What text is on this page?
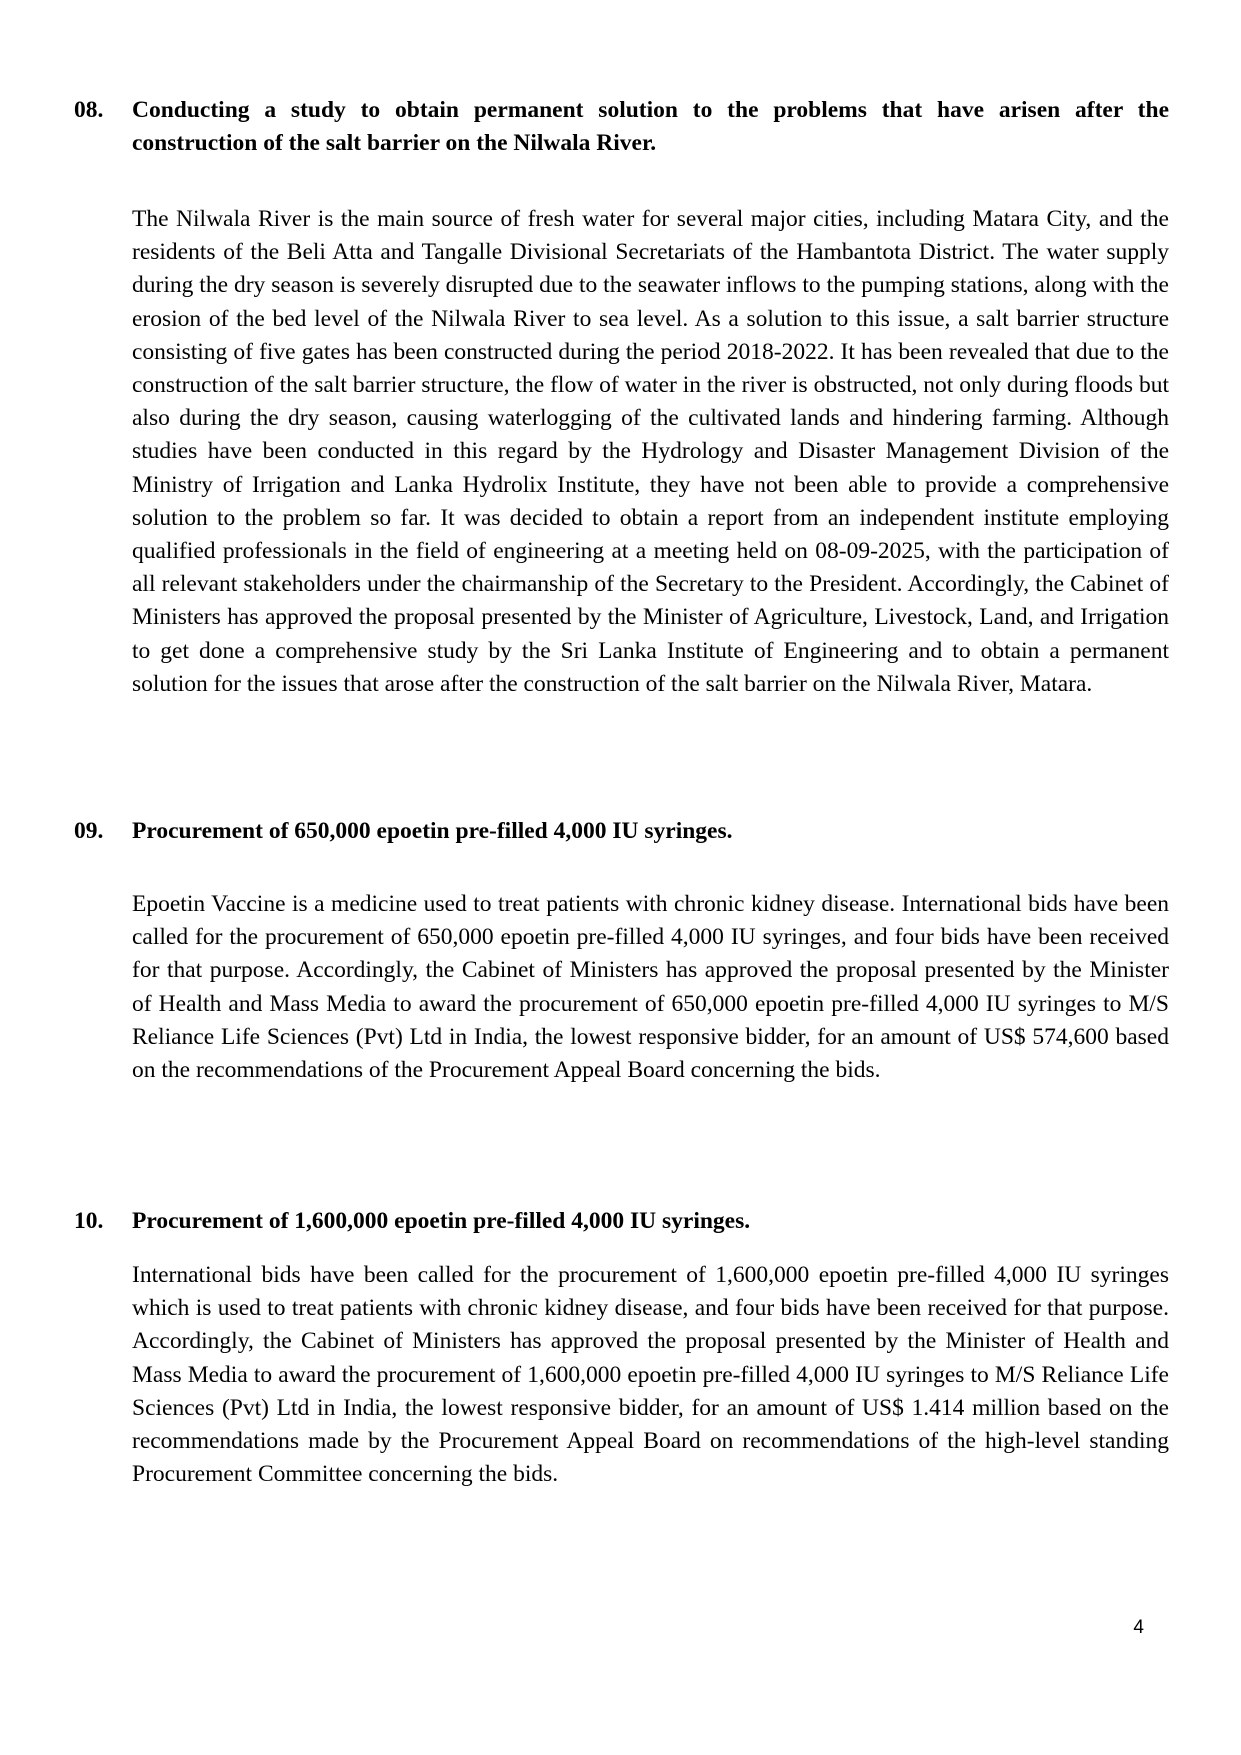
08.	Conducting a study to obtain permanent solution to the problems that have arisen after the construction of the salt barrier on the Nilwala River.

The Nilwala River is the main source of fresh water for several major cities, including Matara City, and the residents of the Beli Atta and Tangalle Divisional Secretariats of the Hambantota District. The water supply during the dry season is severely disrupted due to the seawater inflows to the pumping stations, along with the erosion of the bed level of the Nilwala River to sea level. As a solution to this issue, a salt barrier structure consisting of five gates has been constructed during the period 2018-2022. It has been revealed that due to the construction of the salt barrier structure, the flow of water in the river is obstructed, not only during floods but also during the dry season, causing waterlogging of the cultivated lands and hindering farming. Although studies have been conducted in this regard by the Hydrology and Disaster Management Division of the Ministry of Irrigation and Lanka Hydrolix Institute, they have not been able to provide a comprehensive solution to the problem so far. It was decided to obtain a report from an independent institute employing qualified professionals in the field of engineering at a meeting held on 08-09-2025, with the participation of all relevant stakeholders under the chairmanship of the Secretary to the President. Accordingly, the Cabinet of Ministers has approved the proposal presented by the Minister of Agriculture, Livestock, Land, and Irrigation to get done a comprehensive study by the Sri Lanka Institute of Engineering and to obtain a permanent solution for the issues that arose after the construction of the salt barrier on the Nilwala River, Matara.

09.	Procurement of 650,000 epoetin pre-filled 4,000 IU syringes.

Epoetin Vaccine is a medicine used to treat patients with chronic kidney disease. International bids have been called for the procurement of 650,000 epoetin pre-filled 4,000 IU syringes, and four bids have been received for that purpose. Accordingly, the Cabinet of Ministers has approved the proposal presented by the Minister of Health and Mass Media to award the procurement of 650,000 epoetin pre-filled 4,000 IU syringes to M/S Reliance Life Sciences (Pvt) Ltd in India, the lowest responsive bidder, for an amount of US$ 574,600 based on the recommendations of the Procurement Appeal Board concerning the bids.

10.	Procurement of 1,600,000 epoetin pre-filled 4,000 IU syringes.

International bids have been called for the procurement of 1,600,000 epoetin pre-filled 4,000 IU syringes which is used to treat patients with chronic kidney disease, and four bids have been received for that purpose. Accordingly, the Cabinet of Ministers has approved the proposal presented by the Minister of Health and Mass Media to award the procurement of 1,600,000 epoetin pre-filled 4,000 IU syringes to M/S Reliance Life Sciences (Pvt) Ltd in India, the lowest responsive bidder, for an amount of US$ 1.414 million based on the recommendations made by the Procurement Appeal Board on recommendations of the high-level standing Procurement Committee concerning the bids.

4
